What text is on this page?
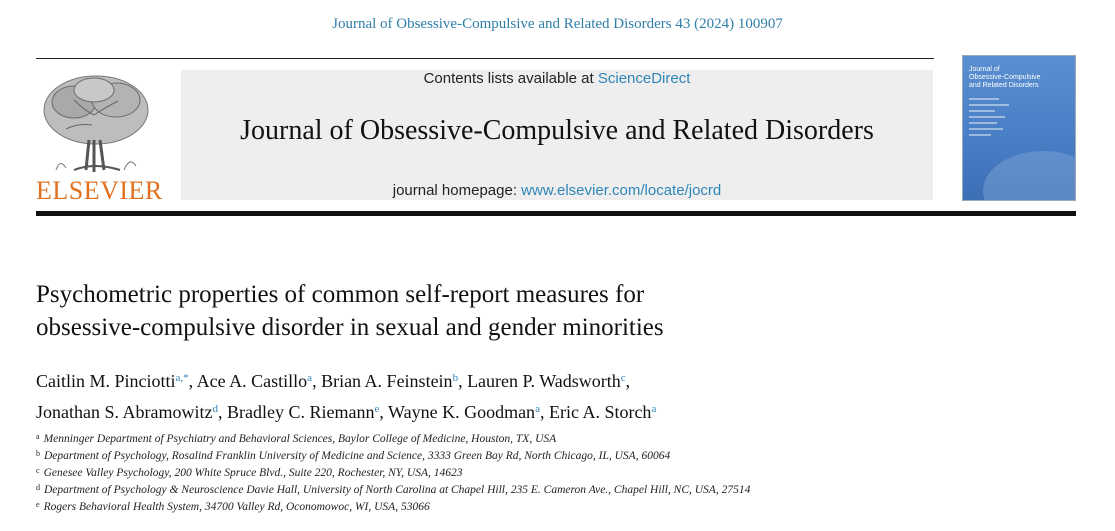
Journal of Obsessive-Compulsive and Related Disorders 43 (2024) 100907
ELSEVIER
Contents lists available at ScienceDirect
Journal of Obsessive-Compulsive and Related Disorders
journal homepage: www.elsevier.com/locate/jocrd
Journal of
Obsessive-Compulsive
and Related Disorders
Psychometric properties of common self-report measures for
obsessive-compulsive disorder in sexual and gender minorities
Caitlin M. Pinciotti$^{a,*}$, Ace A. Castillo$^a$, Brian A. Feinstein$^b$, Lauren P. Wadsworth$^c$,
Jonathan S. Abramowitz$^d$, Bradley C. Riemann$^e$, Wayne K. Goodman$^a$, Eric A. Storch$^a$
$^a$ Menninger Department of Psychiatry and Behavioral Sciences, Baylor College of Medicine, Houston, TX, USA
$^b$ Department of Psychology, Rosalind Franklin University of Medicine and Science, 3333 Green Bay Rd, North Chicago, IL, USA, 60064
$^c$ Genesee Valley Psychology, 200 White Spruce Blvd., Suite 220, Rochester, NY, USA, 14623
$^d$ Department of Psychology & Neuroscience Davie Hall, University of North Carolina at Chapel Hill, 235 E. Cameron Ave., Chapel Hill, NC, USA, 27514
$^e$ Rogers Behavioral Health System, 34700 Valley Rd, Oconomowoc, WI, USA, 53066
